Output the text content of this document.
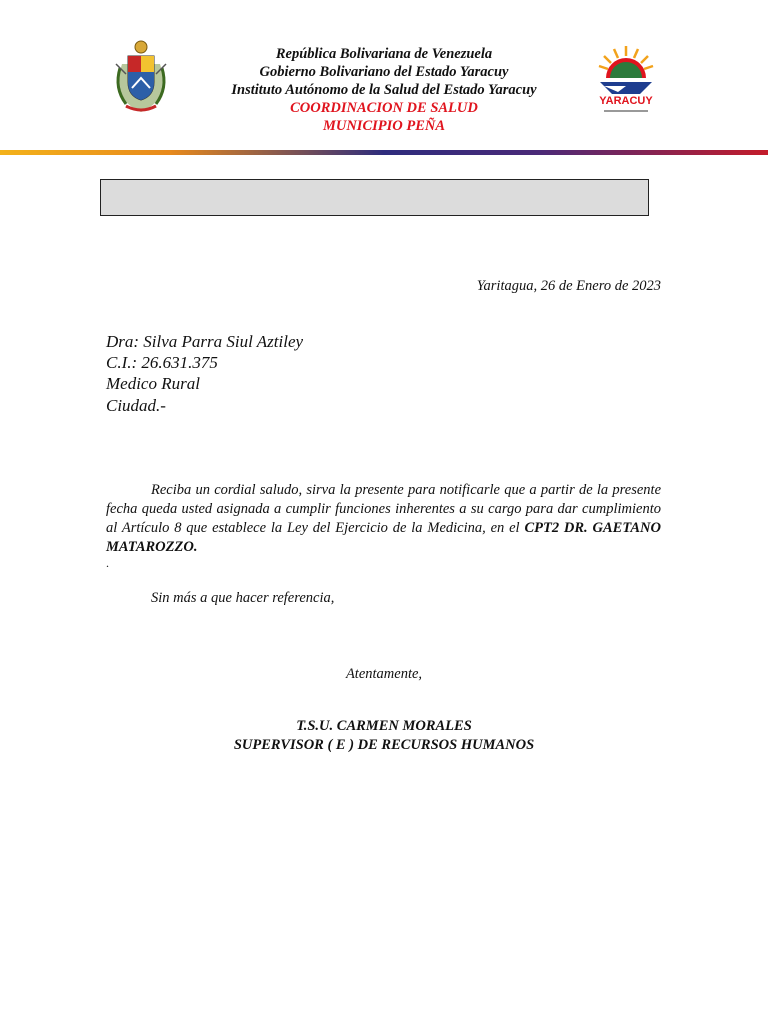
República Bolivariana de Venezuela
Gobierno Bolivariano del Estado Yaracuy
Instituto Autónomo de la Salud del Estado Yaracuy
COORDINACION DE SALUD
MUNICIPIO PEÑA
YARACUY
Yaritagua, 26 de Enero de 2023
Dra: Silva Parra Siul Aztiley
C.I.: 26.631.375
Medico Rural
Ciudad.-

Reciba un cordial saludo, sirva la presente para notificarle que a partir de la presente fecha queda usted asignada a cumplir funciones inherentes a su cargo para dar cumplimiento al Artículo 8 que establece la Ley del Ejercicio de la Medicina, en el CPT2 DR. GAETANO MATAROZZO.

.
Sin más a que hacer referencia,
Atentamente,
T.S.U. CARMEN MORALES
SUPERVISOR ( E ) DE RECURSOS HUMANOS
